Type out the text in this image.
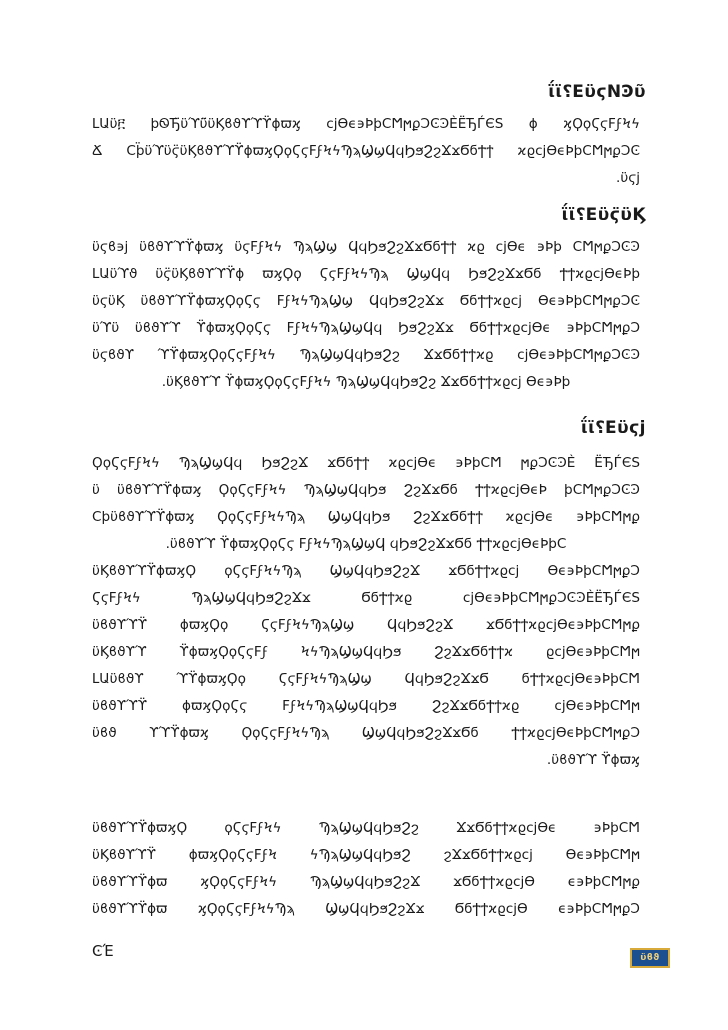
ΐϊ؟ΕϋϛΝϿῦ
ԼԱϋ፫ ϸᏫЂ̈ϋϓϋ̈ϋϏϐϑϒϓϔϕϖϗ ϲϳϴϵ϶ϷϸϹϺϻϼϽϾϿЀЁЂЃЄЅ ϕ ϗϘϙϚϛϜϝϞϟ
Ճ Ϲϸ̈ϋϓϋϛ̈ϋϏϐϑϒϓϔϕϖϗϘϙϚϛϜϝϞϟϠϡϢϣϤϥϦϧϨϩϪϫϬϭϮϯ ϰϱϲϳϴϵϷϸϹϺϻϼϽϾ
.ϋϛϳ
ΐϊ؟Εϋϛ̈ϋϏ
ϋϛϐ϶ϳ ϋϐϑϒϓϔϕϖϗ ϋϛϜϝϞϟ ϠϡϢϣ ϤϥϦϧϨϩϪϫϬϭϮϯ ϰϱ ϲϳϴϵ ϶Ϸϸ ϹϺϻϼϽϾϿ
ԼԱϋϓϑ ϋϛ̈ϋϏϐϑϒϓϔϕ ϖϗϘϙ ϚϛϜϝϞϟϠϡ ϢϣϤϥ ϦϧϨϩϪϫϬϭ ϮϯϰϱϲϳϴϵϷϸ
ϋϛϋϏ ϋϐϑϒϓϔϕϖϗϘϙϚϛ ϜϝϞϟϠϡϢϣ ϤϥϦϧϨϩϪϫ ϬϭϮϯϰϱϲϳ ϴϵ϶ϷϸϹϺϻϼϽϾ
ϋϓϋ ϋϐϑϒϓ ϔϕϖϗϘϙϚϛ ϜϝϞϟϠϡϢϣϤϥ ϦϧϨϩϪϫ ϬϭϮϯϰϱϲϳϴϵ ϶ϷϸϹϺϻϼϽ
ϋϛϐϑϒ ϓϔϕϖϗϘϙϚϛϜϝϞϟ ϠϡϢϣϤϥϦϧϨϩ ϪϫϬϭϮϯϰϱ ϲϳϴϵ϶ϷϸϹϺϻϼϽϾϿ
.ϋϏϐϑϒϓ ϔϕϖϗϘϙϚϛϜϝϞϟ ϠϡϢϣϤϥϦϧϨϩ ϪϫϬϭϮϯϰϱϲϳ ϴϵ϶Ϸϸ
ΐϊ؟Εϋϛϳ
ϘϙϚϛϜϝϞϟ ϠϡϢϣϤϥ ϦϧϨϩϪ ϫϬϭϮϯ ϰϱϲϳϴϵ ϶ϷϸϹϺ ϻϼϽϾϿЀ ЁЂЃЄЅ
ϋ ϋϐϑϒϓϔϕϖϗ ϘϙϚϛϜϝϞϟ ϠϡϢϣϤϥϦϧ ϨϩϪϫϬϭ ϮϯϰϱϲϳϴϵϷ ϸϹϺϻϼϽϾϿ
Ϲϸϋϐϑϒϓϔϕϖϗ ϘϙϚϛϜϝϞϟϠϡ ϢϣϤϥϦϧ ϨϩϪϫϬϭϮϯ ϰϱϲϳϴϵ ϶ϷϸϹϺϻϼ
.ϋϐϑϒϓ ϔϕϖϗϘϙϚϛ ϜϝϞϟϠϡϢϣϤ ϥϦϧϨϩϪϫϬϭ ϮϯϰϱϲϳϴϵϷϸϹ
ϋϏϐϑϒϓϔϕϖϗϘ ϙϚϛϜϝϞϟϠϡ ϢϣϤϥϦϧϨϩϪ ϫϬϭϮϯϰϱϲϳ ϴϵ϶ϷϸϹϺϻϼϽ
ϚϛϜϝϞϟ ϠϡϢϣϤϥϦϧϨϩϪϫ ϬϭϮϯϰϱ ϲϳϴϵ϶ϷϸϹϺϻϼϽϾϿЀЁЂЃЄЅ
ϋϐϑϒϓϔ ϕϖϗϘϙ ϚϛϜϝϞϟϠϡϢϣ ϤϥϦϧϨϩϪ ϫϬϭϮϯϰϱϲϳϴϵ϶ϷϸϹϺϻϼ
ϋϏϐϑϒϓ ϔϕϖϗϘϙϚϛϜϝ ϞϟϠϡϢϣϤϥϦϧ ϨϩϪϫϬϭϮϯϰ ϱϲϳϴϵ϶ϷϸϹϺϻ
ԼԱϋϐϑϒ ϓϔϕϖϗϘϙ ϚϛϜϝϞϟϠϡϢϣ ϤϥϦϧϨϩϪϫϬ ϭϮϯϰϱϲϳϴϵ϶ϷϸϹϺ
ϋϐϑϒϓϔ ϕϖϗϘϙϚϛ ϜϝϞϟϠϡϢϣϤϥϦϧ ϨϩϪϫϬϭϮϯϰϱ ϲϳϴϵ϶ϷϸϹϺϻ
ϋϐϑ ϒϓϔϕϖϗ ϘϙϚϛϜϝϞϟϠϡ ϢϣϤϥϦϧϨϩϪϫϬϭ ϮϯϰϱϲϳϴϵϷϸϹϺϻϼϽ
.ϋϐϑϒϓ ϔϕϖϗ
ϋϐϑϒϓϔϕϖϗϘ ϙϚϛϜϝϞϟ ϠϡϢϣϤϥϦϧϨϩ ϪϫϬϭϮϯϰϱϲϳϴϵ ϶ϷϸϹϺ
ϋϏϐϑϒϓϔ ϕϖϗϘϙϚϛϜϝϞ ϟϠϡϢϣϤϥϦϧϨ ϩϪϫϬϭϮϯϰϱϲϳ ϴϵ϶ϷϸϹϺϻ
ϋϐϑϒϓϔϕϖ ϗϘϙϚϛϜϝϞϟ ϠϡϢϣϤϥϦϧϨϩϪ ϫϬϭϮϯϰϱϲϳϴ ϵ϶ϷϸϹϺϻϼ
ϋϐϑϒϓϔϕϖ ϗϘϙϚϛϜϝϞϟϠϡ ϢϣϤϥϦϧϨϩϪϫ ϬϭϮϯϰϱϲϳϴ ϵ϶ϷϸϹϺϻϼϽ
ϾΈ	ϋϐϑ
